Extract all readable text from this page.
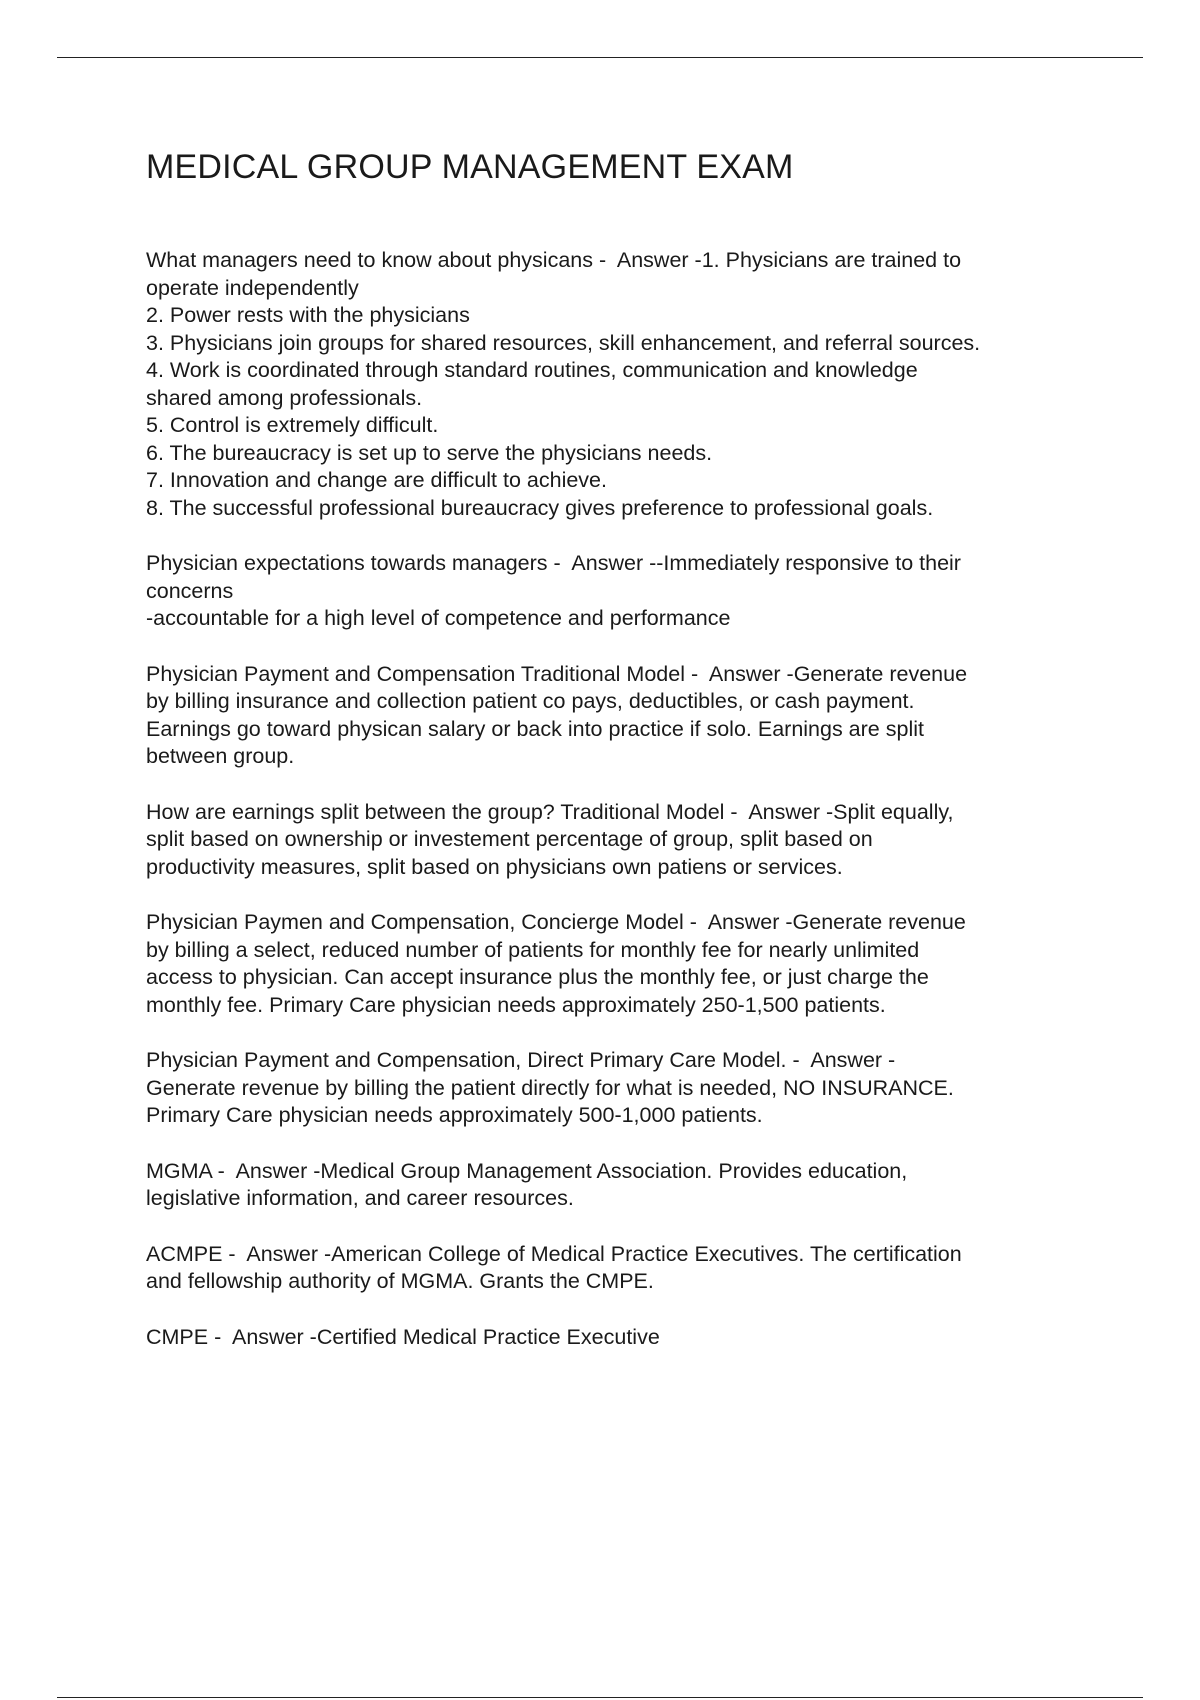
MEDICAL GROUP MANAGEMENT EXAM
What managers need to know about physicans -  Answer -1. Physicians are trained to
operate independently
2. Power rests with the physicians
3. Physicians join groups for shared resources, skill enhancement, and referral sources.
4. Work is coordinated through standard routines, communication and knowledge
shared among professionals.
5. Control is extremely difficult.
6. The bureaucracy is set up to serve the physicians needs.
7. Innovation and change are difficult to achieve.
8. The successful professional bureaucracy gives preference to professional goals.
Physician expectations towards managers -  Answer --Immediately responsive to their
concerns
-accountable for a high level of competence and performance
Physician Payment and Compensation Traditional Model -  Answer -Generate revenue
by billing insurance and collection patient co pays, deductibles, or cash payment.
Earnings go toward physican salary or back into practice if solo. Earnings are split
between group.
How are earnings split between the group? Traditional Model -  Answer -Split equally,
split based on ownership or investement percentage of group, split based on
productivity measures, split based on physicians own patiens or services.
Physician Paymen and Compensation, Concierge Model -  Answer -Generate revenue
by billing a select, reduced number of patients for monthly fee for nearly unlimited
access to physician. Can accept insurance plus the monthly fee, or just charge the
monthly fee. Primary Care physician needs approximately 250-1,500 patients.
Physician Payment and Compensation, Direct Primary Care Model. -  Answer -
Generate revenue by billing the patient directly for what is needed, NO INSURANCE.
Primary Care physician needs approximately 500-1,000 patients.
MGMA -  Answer -Medical Group Management Association. Provides education,
legislative information, and career resources.
ACMPE -  Answer -American College of Medical Practice Executives. The certification
and fellowship authority of MGMA. Grants the CMPE.
CMPE -  Answer -Certified Medical Practice Executive
